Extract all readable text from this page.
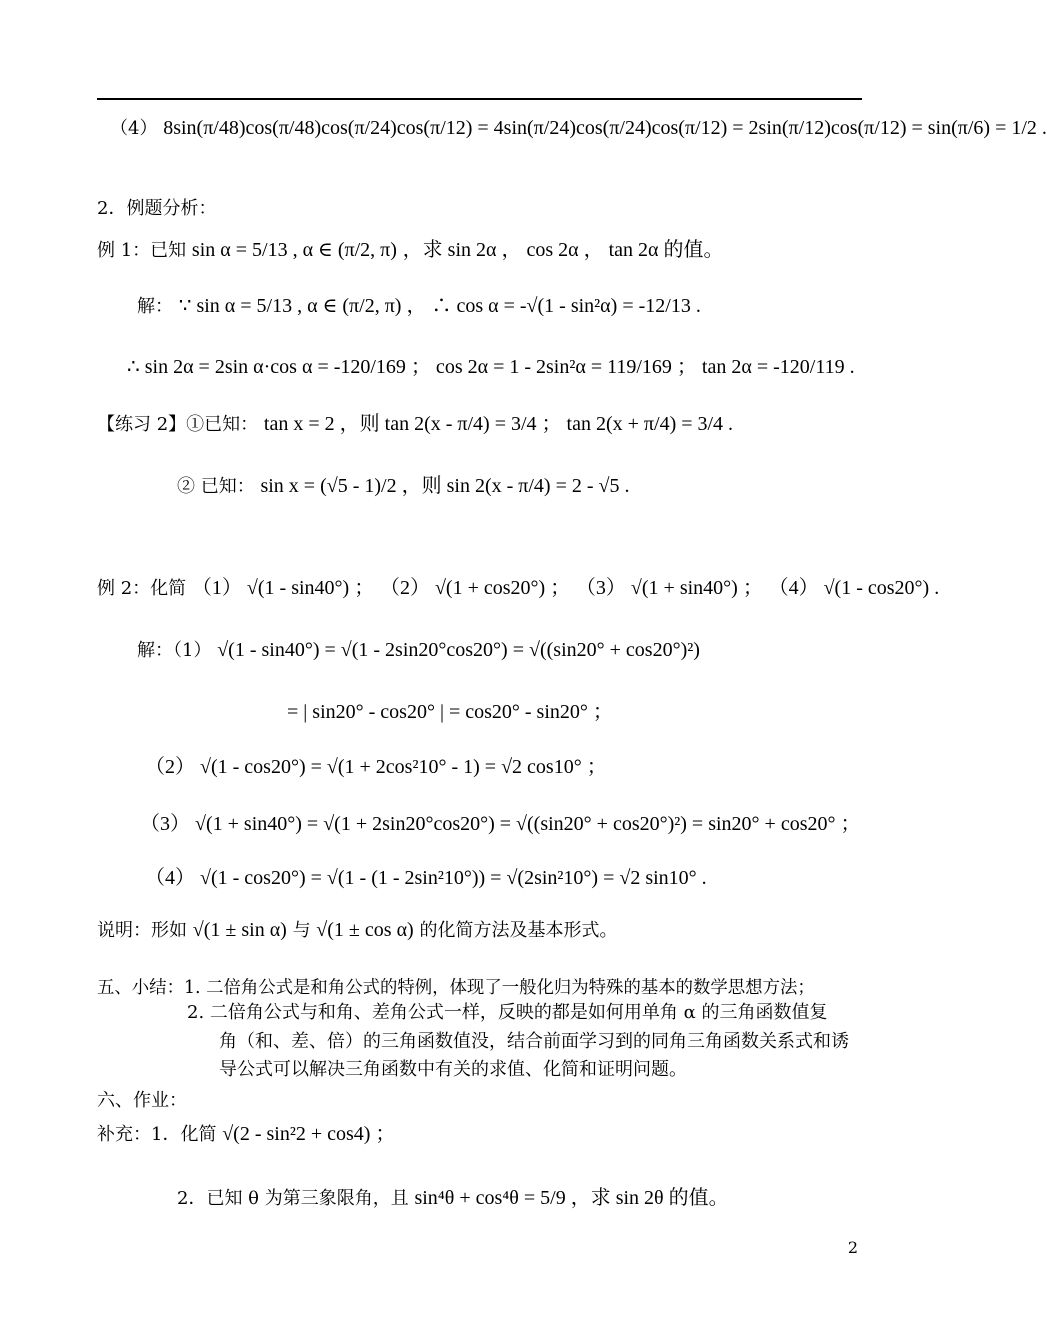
（4） 8sin(π/48)cos(π/48)cos(π/24)cos(π/12) = 4sin(π/24)cos(π/24)cos(π/12) = 2sin(π/12)cos(π/12) = sin(π/6) = 1/2 .
2．例题分析：
例 1：已知 sin α = 5/13 , α ∈ (π/2, π) ，求 sin 2α ， cos 2α ， tan 2α 的值。
解： ∵ sin α = 5/13 , α ∈ (π/2, π) ， ∴ cos α = -√(1 - sin²α) = -12/13 .
∴ sin 2α = 2sin α·cos α = -120/169 ； cos 2α = 1 - 2sin²α = 119/169 ； tan 2α = -120/119 .
【练习 2】①已知： tan x = 2 ，则 tan 2(x - π/4) = 3/4 ； tan 2(x + π/4) = 3/4 .
② 已知： sin x = (√5 - 1)/2 ，则 sin 2(x - π/4) = 2 - √5 .
例 2：化简 （1） √(1 - sin40°) ； （2） √(1 + cos20°) ； （3） √(1 + sin40°) ； （4） √(1 - cos20°) .
解：（1） √(1 - sin40°) = √(1 - 2sin20°cos20°) = √((sin20° + cos20°)²)
= | sin20° - cos20° | = cos20° - sin20° ；
（2） √(1 - cos20°) = √(1 + 2cos²10° - 1) = √2 cos10° ；
（3） √(1 + sin40°) = √(1 + 2sin20°cos20°) = √((sin20° + cos20°)²) = sin20° + cos20° ；
（4） √(1 - cos20°) = √(1 - (1 - 2sin²10°)) = √(2sin²10°) = √2 sin10° .
说明：形如 √(1 ± sin α) 与 √(1 ± cos α) 的化简方法及基本形式。
五、小结：1. 二倍角公式是和角公式的特例，体现了一般化归为特殊的基本的数学思想方法；
2. 二倍角公式与和角、差角公式一样，反映的都是如何用单角 α 的三角函数值复
角（和、差、倍）的三角函数值没，结合前面学习到的同角三角函数关系式和诱
导公式可以解决三角函数中有关的求值、化简和证明问题。
六、作业：
补充：1．化简 √(2 - sin²2 + cos4) ；
2．已知 θ 为第三象限角，且 sin⁴θ + cos⁴θ = 5/9 ，求 sin 2θ 的值。
2
